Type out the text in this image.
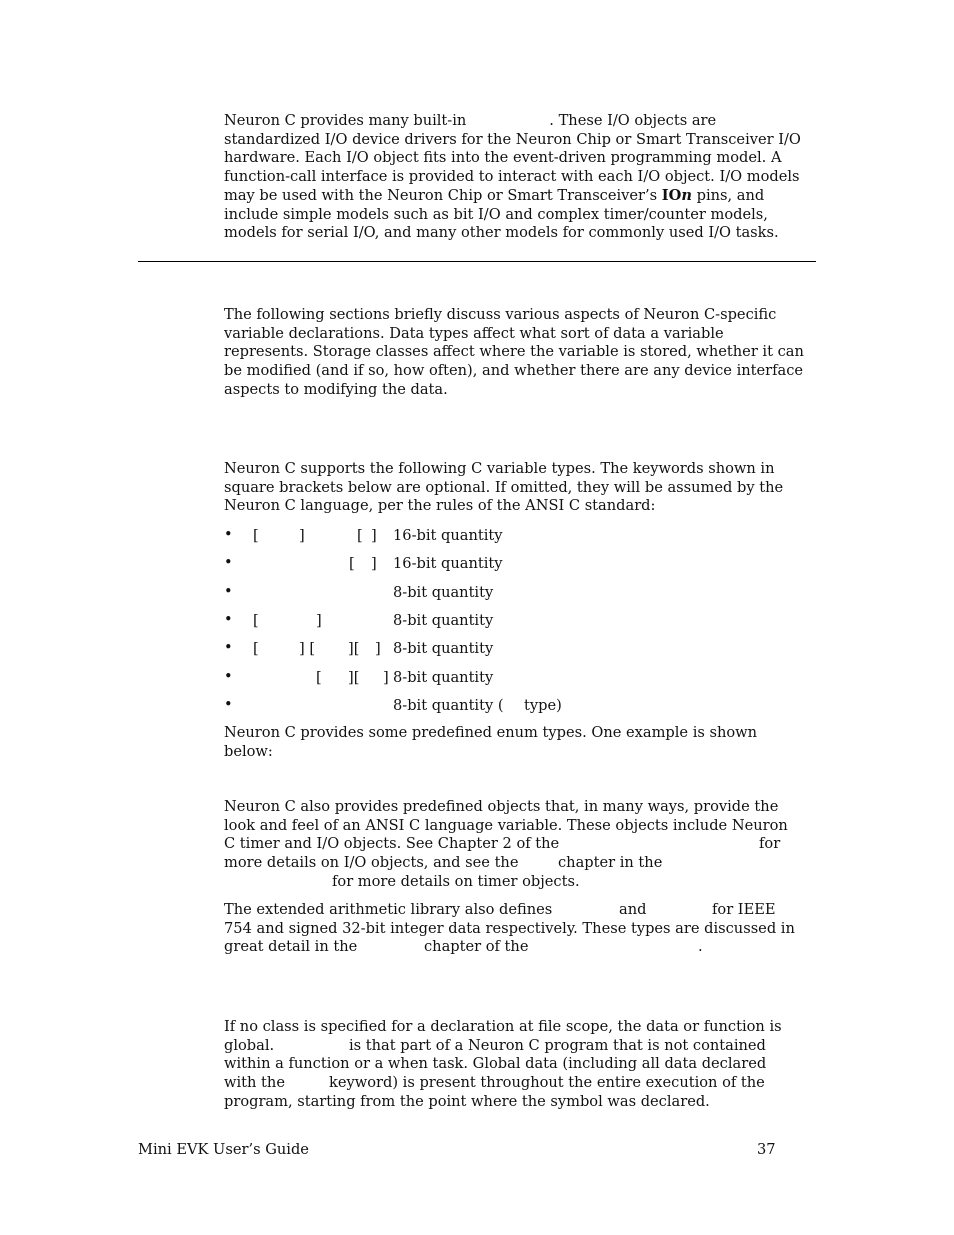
Neuron C provides many built-in	. These I/O objects are
standardized I/O device drivers for the Neuron Chip or Smart Transceiver I/O
hardware. Each I/O object fits into the event-driven programming model. A
function-call interface is provided to interact with each I/O object. I/O models
may be used with the Neuron Chip or Smart Transceiver’s IOn pins, and
include simple models such as bit I/O and complex timer/counter models,
models for serial I/O, and many other models for commonly used I/O tasks.
The following sections briefly discuss various aspects of Neuron C-specific
variable declarations. Data types affect what sort of data a variable
represents. Storage classes affect where the variable is stored, whether it can
be modified (and if so, how often), and whether there are any device interface
aspects to modifying the data.
Neuron C supports the following C variable types. The keywords shown in
square brackets below are optional. If omitted, they will be assumed by the
Neuron C language, per the rules of the ANSI C standard:
• [	]	[ ] 16-bit quantity
•	[ ] 16-bit quantity
•	8-bit quantity
• [	]	8-bit quantity
• [	] [ ][ ] 8-bit quantity
•	[ ][ ] 8-bit quantity
•	8-bit quantity ( type)
Neuron C provides some predefined enum types. One example is shown
below:
Neuron C also provides predefined objects that, in many ways, provide the
look and feel of an ANSI C language variable. These objects include Neuron
C timer and I/O objects. See Chapter 2 of the	for
more details on I/O objects, and see the	chapter in the
for more details on timer objects.
The extended arithmetic library also defines	and	for IEEE
754 and signed 32-bit integer data respectively. These types are discussed in
great detail in the	chapter of the	.
If no class is specified for a declaration at file scope, the data or function is
global.	is that part of a Neuron C program that is not contained
within a function or a when task. Global data (including all data declared
with the	keyword) is present throughout the entire execution of the
program, starting from the point where the symbol was declared.
Mini EVK User’s Guide	37
